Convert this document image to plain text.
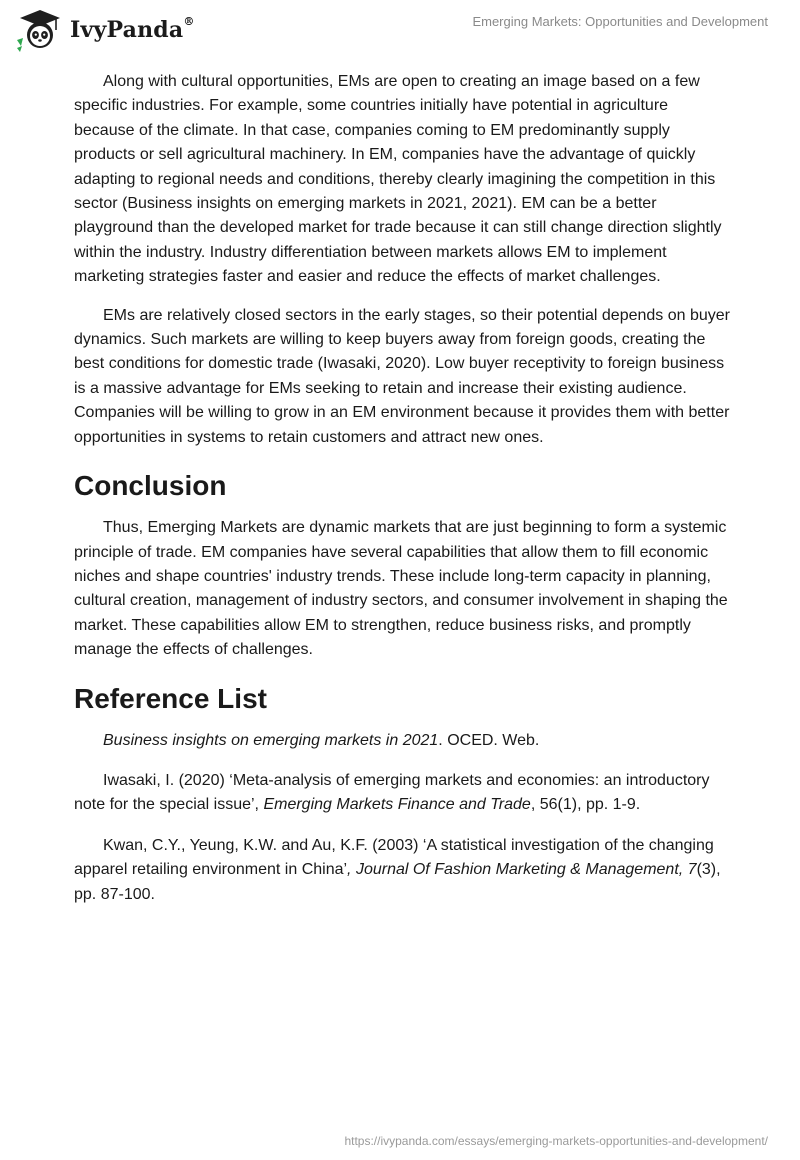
IvyPanda®	Emerging Markets: Opportunities and Development

Along with cultural opportunities, EMs are open to creating an image based on a few specific industries. For example, some countries initially have potential in agriculture because of the climate. In that case, companies coming to EM predominantly supply products or sell agricultural machinery. In EM, companies have the advantage of quickly adapting to regional needs and conditions, thereby clearly imagining the competition in this sector (Business insights on emerging markets in 2021, 2021). EM can be a better playground than the developed market for trade because it can still change direction slightly within the industry. Industry differentiation between markets allows EM to implement marketing strategies faster and easier and reduce the effects of market challenges.

EMs are relatively closed sectors in the early stages, so their potential depends on buyer dynamics. Such markets are willing to keep buyers away from foreign goods, creating the best conditions for domestic trade (Iwasaki, 2020). Low buyer receptivity to foreign business is a massive advantage for EMs seeking to retain and increase their existing audience. Companies will be willing to grow in an EM environment because it provides them with better opportunities in systems to retain customers and attract new ones.

Conclusion

Thus, Emerging Markets are dynamic markets that are just beginning to form a systemic principle of trade. EM companies have several capabilities that allow them to fill economic niches and shape countries' industry trends. These include long-term capacity in planning, cultural creation, management of industry sectors, and consumer involvement in shaping the market. These capabilities allow EM to strengthen, reduce business risks, and promptly manage the effects of challenges.

Reference List

Business insights on emerging markets in 2021. OCED. Web.

Iwasaki, I. (2020) ‘Meta-analysis of emerging markets and economies: an introductory note for the special issue’, Emerging Markets Finance and Trade, 56(1), pp. 1-9.

Kwan, C.Y., Yeung, K.W. and Au, K.F. (2003) ‘A statistical investigation of the changing apparel retailing environment in China’, Journal Of Fashion Marketing & Management, 7(3), pp. 87-100.

https://ivypanda.com/essays/emerging-markets-opportunities-and-development/
